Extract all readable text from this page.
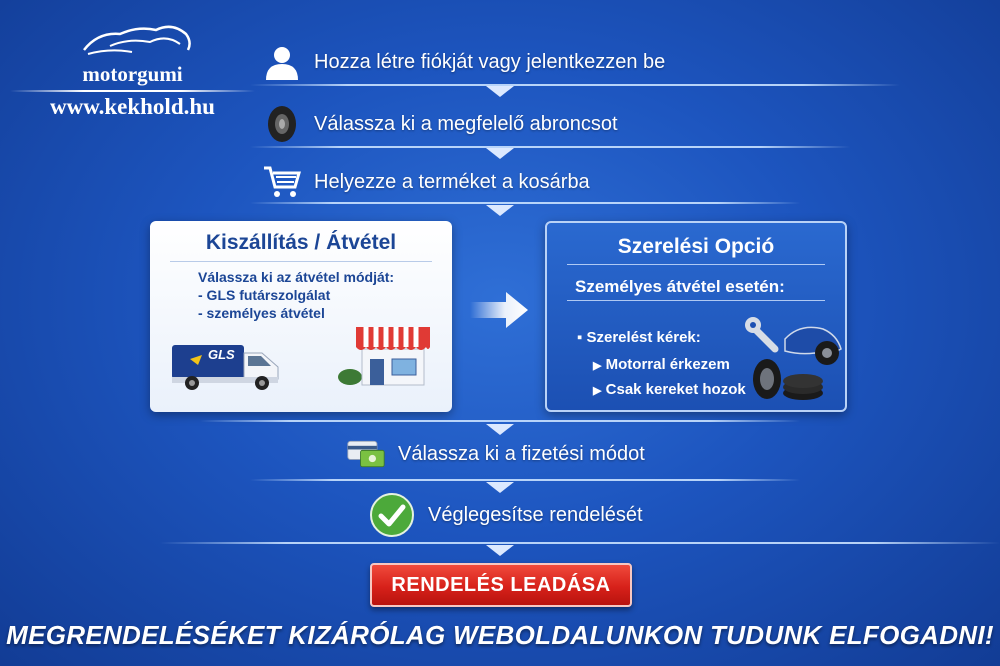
motorgumi
www.kekhold.hu
Hozza létre fiókját vagy jelentkezzen be
Válassza ki a megfelelő abroncsot
Helyezze a terméket a kosárba
Kiszállítás / Átvétel
Válassza ki az átvétel módját:
- GLS futárszolgálat
- személyes átvétel
GLS
Szerelési Opció
Személyes átvétel esetén:
▪ Szerelést kérek:
▶ Motorral érkezem
▶ Csak kereket hozok
Válassza ki a fizetési módot
Véglegesítse rendelését
RENDELÉS LEADÁSA
MEGRENDELÉSÉKET KIZÁRÓLAG WEBOLDALUNKON TUDUNK ELFOGADNI!
